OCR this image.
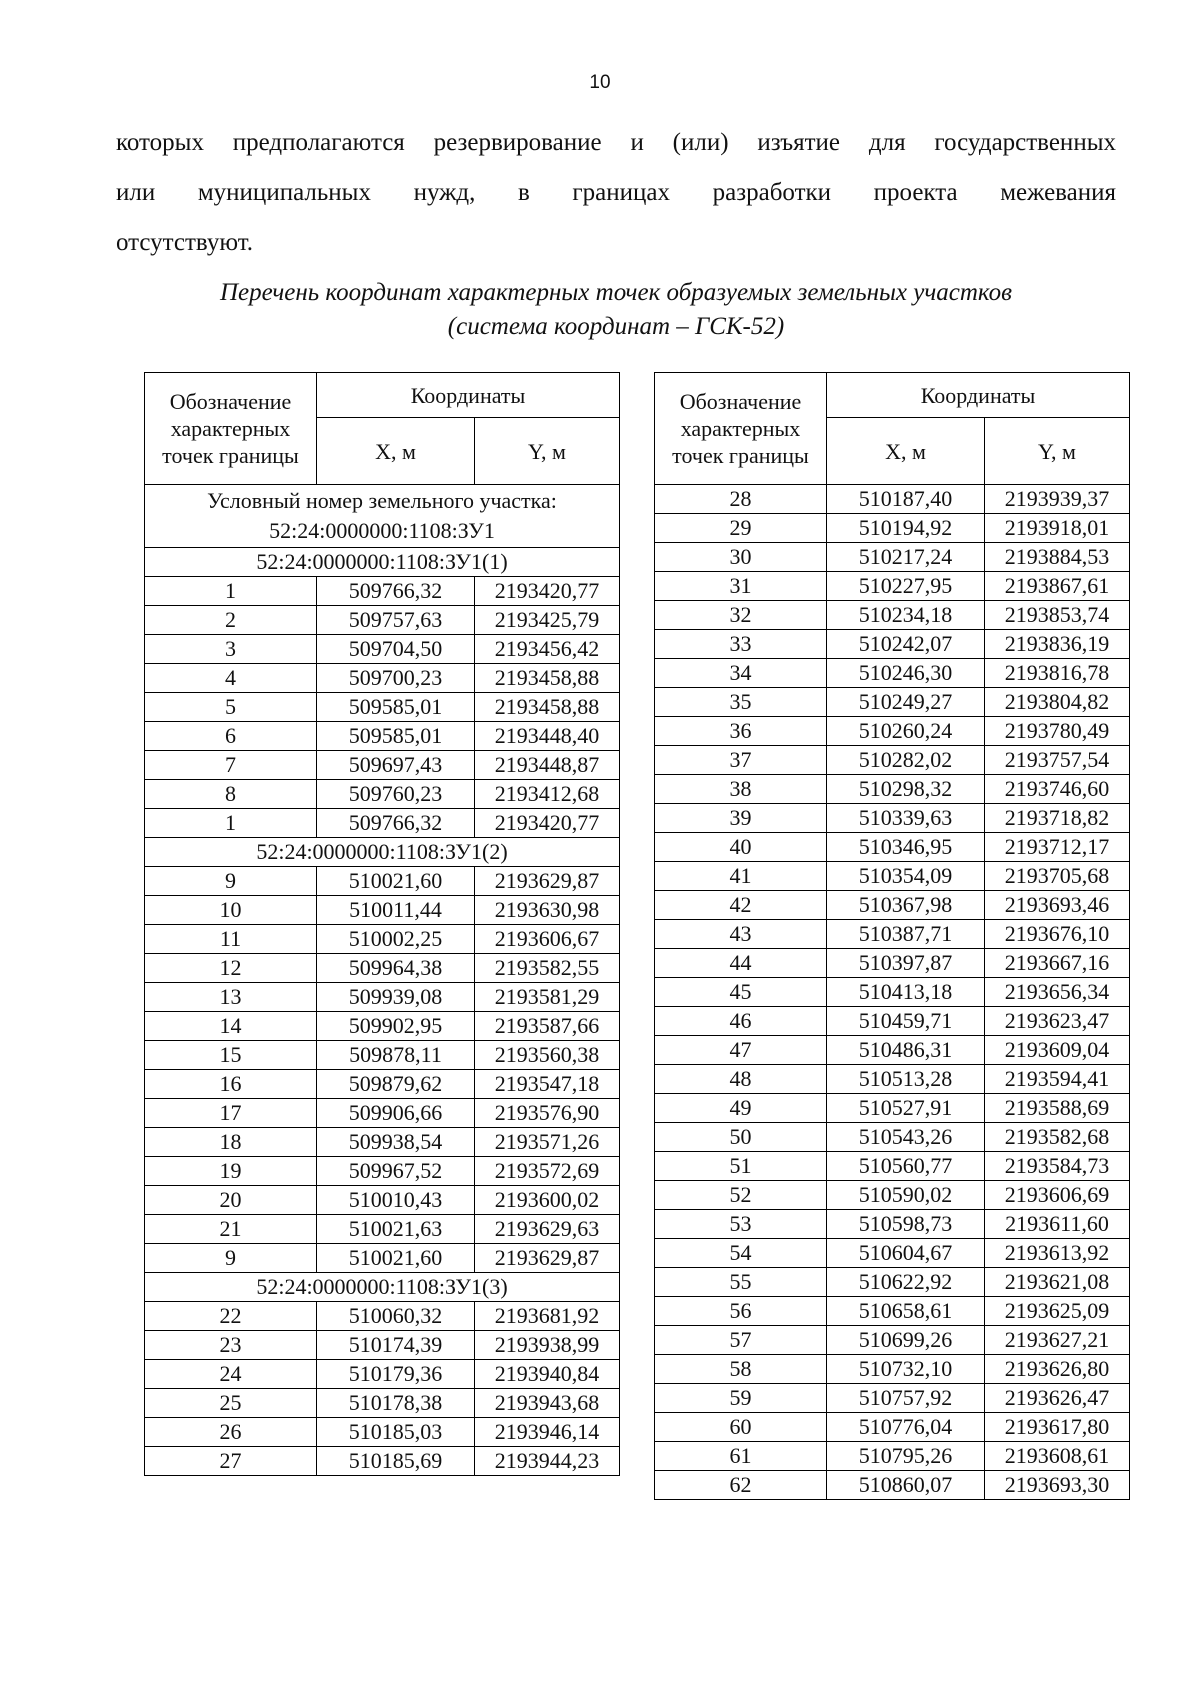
10
которых предполагаются резервирование и (или) изъятие для государственных
или муниципальных нужд, в границах разработки проекта межевания
отсутствуют.
Перечень координат характерных точек образуемых земельных участков
(система координат – ГСК-52)
Обозначение характерных точек границы	Координаты	
	X, м	Y, м
Условный номер земельного участка: 52:24:0000000:1108:ЗУ1		
52:24:0000000:1108:ЗУ1(1)		
1	509766,32	2193420,77
2	509757,63	2193425,79
3	509704,50	2193456,42
4	509700,23	2193458,88
5	509585,01	2193458,88
6	509585,01	2193448,40
7	509697,43	2193448,87
8	509760,23	2193412,68
1	509766,32	2193420,77
52:24:0000000:1108:ЗУ1(2)		
9	510021,60	2193629,87
10	510011,44	2193630,98
11	510002,25	2193606,67
12	509964,38	2193582,55
13	509939,08	2193581,29
14	509902,95	2193587,66
15	509878,11	2193560,38
16	509879,62	2193547,18
17	509906,66	2193576,90
18	509938,54	2193571,26
19	509967,52	2193572,69
20	510010,43	2193600,02
21	510021,63	2193629,63
9	510021,60	2193629,87
52:24:0000000:1108:ЗУ1(3)		
22	510060,32	2193681,92
23	510174,39	2193938,99
24	510179,36	2193940,84
25	510178,38	2193943,68
26	510185,03	2193946,14
27	510185,69	2193944,23
Обозначение характерных точек границы	Координаты	
	X, м	Y, м
28	510187,40	2193939,37
29	510194,92	2193918,01
30	510217,24	2193884,53
31	510227,95	2193867,61
32	510234,18	2193853,74
33	510242,07	2193836,19
34	510246,30	2193816,78
35	510249,27	2193804,82
36	510260,24	2193780,49
37	510282,02	2193757,54
38	510298,32	2193746,60
39	510339,63	2193718,82
40	510346,95	2193712,17
41	510354,09	2193705,68
42	510367,98	2193693,46
43	510387,71	2193676,10
44	510397,87	2193667,16
45	510413,18	2193656,34
46	510459,71	2193623,47
47	510486,31	2193609,04
48	510513,28	2193594,41
49	510527,91	2193588,69
50	510543,26	2193582,68
51	510560,77	2193584,73
52	510590,02	2193606,69
53	510598,73	2193611,60
54	510604,67	2193613,92
55	510622,92	2193621,08
56	510658,61	2193625,09
57	510699,26	2193627,21
58	510732,10	2193626,80
59	510757,92	2193626,47
60	510776,04	2193617,80
61	510795,26	2193608,61
62	510860,07	2193693,30
